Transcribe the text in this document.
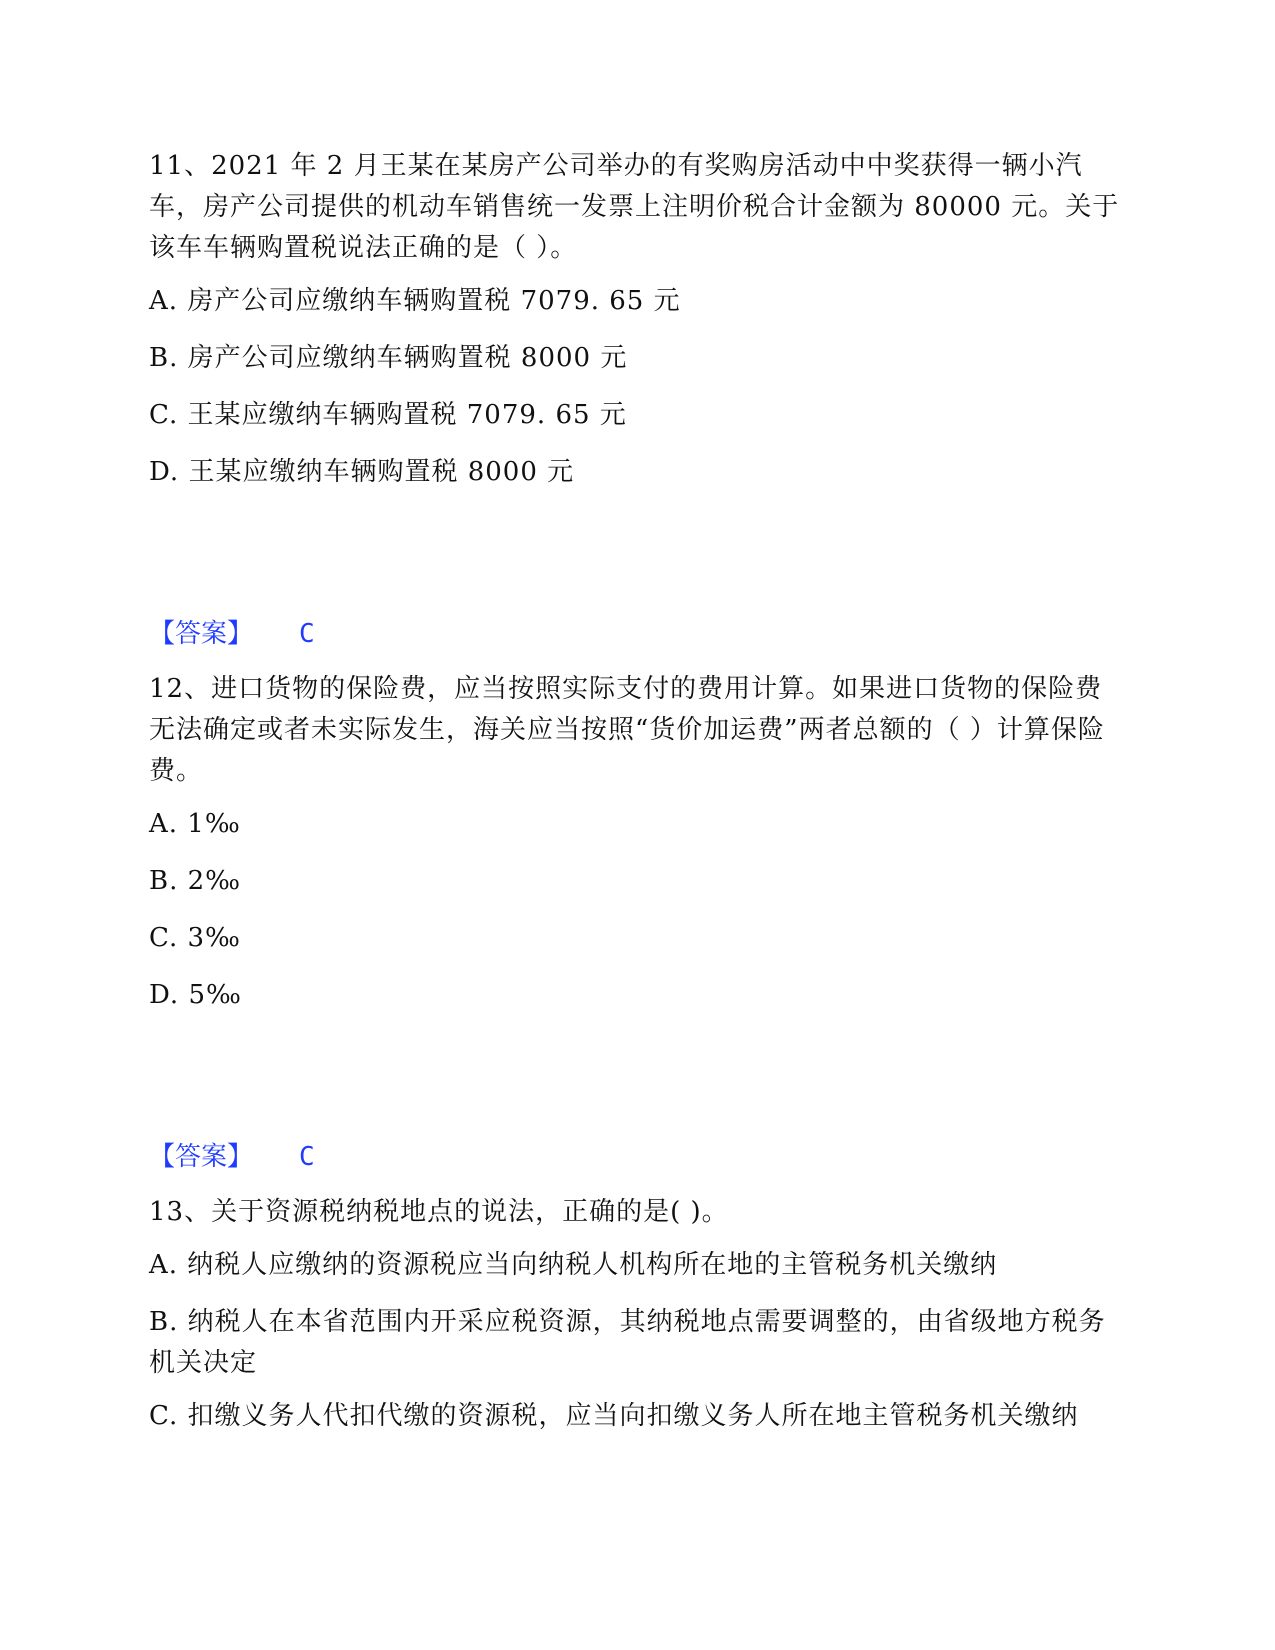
11、2021 年 2 月王某在某房产公司举办的有奖购房活动中中奖获得一辆小汽车，房产公司提供的机动车销售统一发票上注明价税合计金额为 80000 元。关于该车车辆购置税说法正确的是（ ）。

A. 房产公司应缴纳车辆购置税 7079. 65 元

B. 房产公司应缴纳车辆购置税 8000 元

C. 王某应缴纳车辆购置税 7079. 65 元

D. 王某应缴纳车辆购置税 8000 元

【答案】 C

12、进口货物的保险费，应当按照实际支付的费用计算。如果进口货物的保险费无法确定或者未实际发生，海关应当按照“货价加运费”两者总额的（ ）计算保险费。

A. 1‰

B. 2‰

C. 3‰

D. 5‰

【答案】 C

13、关于资源税纳税地点的说法，正确的是( )。

A. 纳税人应缴纳的资源税应当向纳税人机构所在地的主管税务机关缴纳

B. 纳税人在本省范围内开采应税资源，其纳税地点需要调整的，由省级地方税务机关决定

C. 扣缴义务人代扣代缴的资源税，应当向扣缴义务人所在地主管税务机关缴纳
